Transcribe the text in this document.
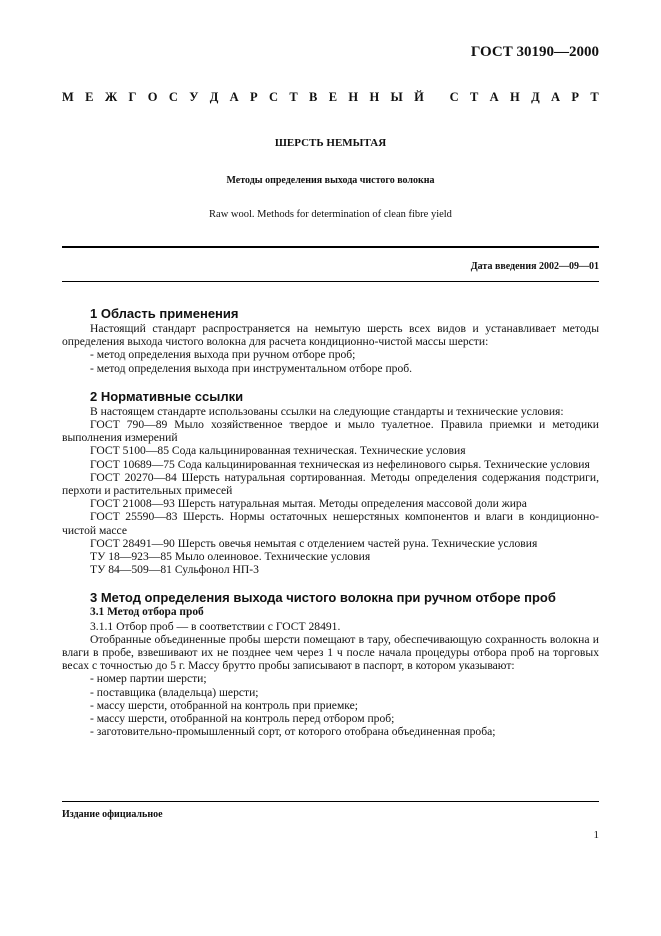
ГОСТ 30190—2000
М Е Ж Г О С У Д А Р С Т В Е Н Н Ы Й
С Т А Н Д А Р Т
ШЕРСТЬ НЕМЫТАЯ
Методы определения выхода чистого волокна
Raw wool. Methods for determination of clean fibre yield
Дата введения 2002—09—01

1 Область применения

Настоящий стандарт распространяется на немытую шерсть всех видов и устанавливает методы определения выхода чистого волокна для расчета кондиционно-чистой массы шерсти:

- метод определения выхода при ручном отборе проб;

- метод определения выхода при инструментальном отборе проб.

2 Нормативные ссылки

В настоящем стандарте использованы ссылки на следующие стандарты и технические условия:

ГОСТ 790—89 Мыло хозяйственное твердое и мыло туалетное. Правила приемки и методики выполнения измерений

ГОСТ 5100—85 Сода кальцинированная техническая. Технические условия

ГОСТ 10689—75 Сода кальцинированная техническая из нефелинового сырья. Технические условия

ГОСТ 20270—84 Шерсть натуральная сортированная. Методы определения содержания подстриги, перхоти и растительных примесей

ГОСТ 21008—93 Шерсть натуральная мытая. Методы определения массовой доли жира

ГОСТ 25590—83 Шерсть. Нормы остаточных нешерстяных компонентов и влаги в кондиционно-чистой массе

ГОСТ 28491—90 Шерсть овечья немытая с отделением частей руна. Технические условия

ТУ 18—923—85 Мыло олеиновое. Технические условия

ТУ 84—509—81 Сульфонол НП-3

3 Метод определения выхода чистого волокна при ручном отборе проб

3.1 Метод отбора проб

3.1.1 Отбор проб — в соответствии с ГОСТ 28491.

Отобранные объединенные пробы шерсти помещают в тару, обеспечивающую сохранность волокна и влаги в пробе, взвешивают их не позднее чем через 1 ч после начала процедуры отбора проб на торговых весах с точностью до 5 г. Массу брутто пробы записывают в паспорт, в котором указывают:

- номер партии шерсти;

- поставщика (владельца) шерсти;

- массу шерсти, отобранной на контроль при приемке;

- массу шерсти, отобранной на контроль перед отбором проб;

- заготовительно-промышленный сорт, от которого отобрана объединенная проба;

Издание официальное
1
